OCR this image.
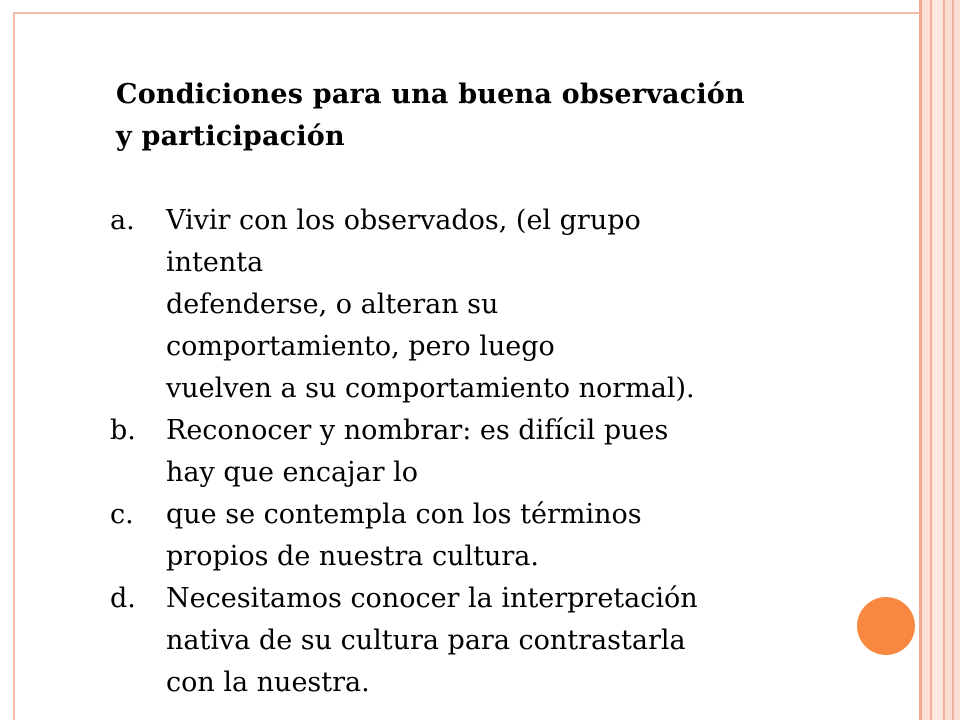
Condiciones para una buena observación y participación
a. Vivir con los observados, (el grupo
intenta
defenderse, o alteran su
comportamiento, pero luego
vuelven a su comportamiento normal).
b. Reconocer y nombrar: es difícil pues
hay que encajar lo
c. que se contempla con los términos
propios de nuestra cultura.
d. Necesitamos conocer la interpretación
nativa de su cultura para contrastarla
con la nuestra.
